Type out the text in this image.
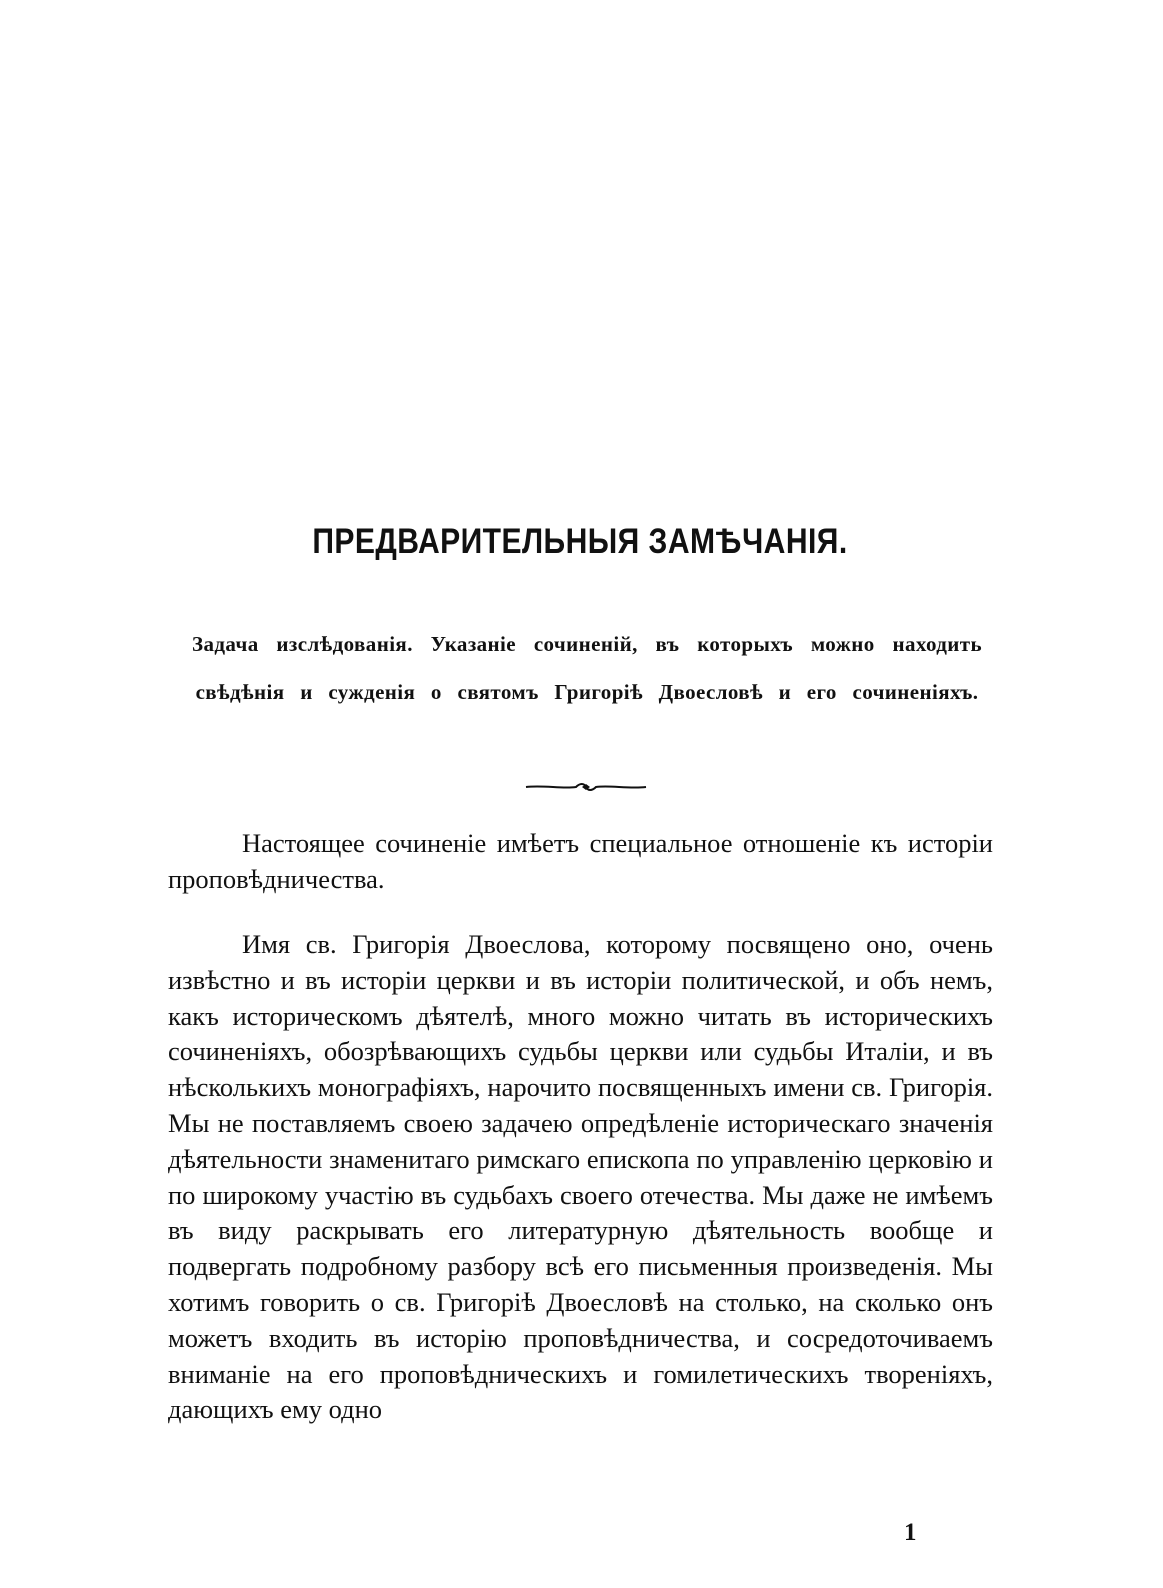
ПРЕДВАРИТЕЛЬНЫЯ ЗАМѢЧАНІЯ.
Задача изслѣдованія. Указаніе сочиненій, въ которыхъ можно находить свѣдѣнія и сужденія о святомъ Григоріѣ Двоесловѣ и его сочиненіяхъ.

Настоящее сочиненіе имѣетъ специальное отношеніе къ исторіи проповѣдничества.

Имя св. Григорія Двоеслова, которому посвящено оно, очень извѣстно и въ исторіи церкви и въ исторіи политической, и объ немъ, какъ историческомъ дѣятелѣ, много можно читать въ историческихъ сочиненіяхъ, обозрѣвающихъ судьбы церкви или судьбы Италіи, и въ нѣсколькихъ монографіяхъ, нарочито посвященныхъ имени св. Григорія. Мы не поставляемъ своею задачею опредѣленіе историческаго значенія дѣятельности знаменитаго римскаго епископа по управленію церковію и по широкому участію въ судьбахъ своего отечества. Мы даже не имѣемъ въ виду раскрывать его литературную дѣятельность вообще и подвергать подробному разбору всѣ его письменныя произведенія. Мы хотимъ говорить о св. Григоріѣ Двоесловѣ на столько, на сколько онъ можетъ входить въ исторію проповѣдничества, и сосредоточиваемъ вниманіе на его проповѣдническихъ и гомилетическихъ твореніяхъ, дающихъ ему одно

1
